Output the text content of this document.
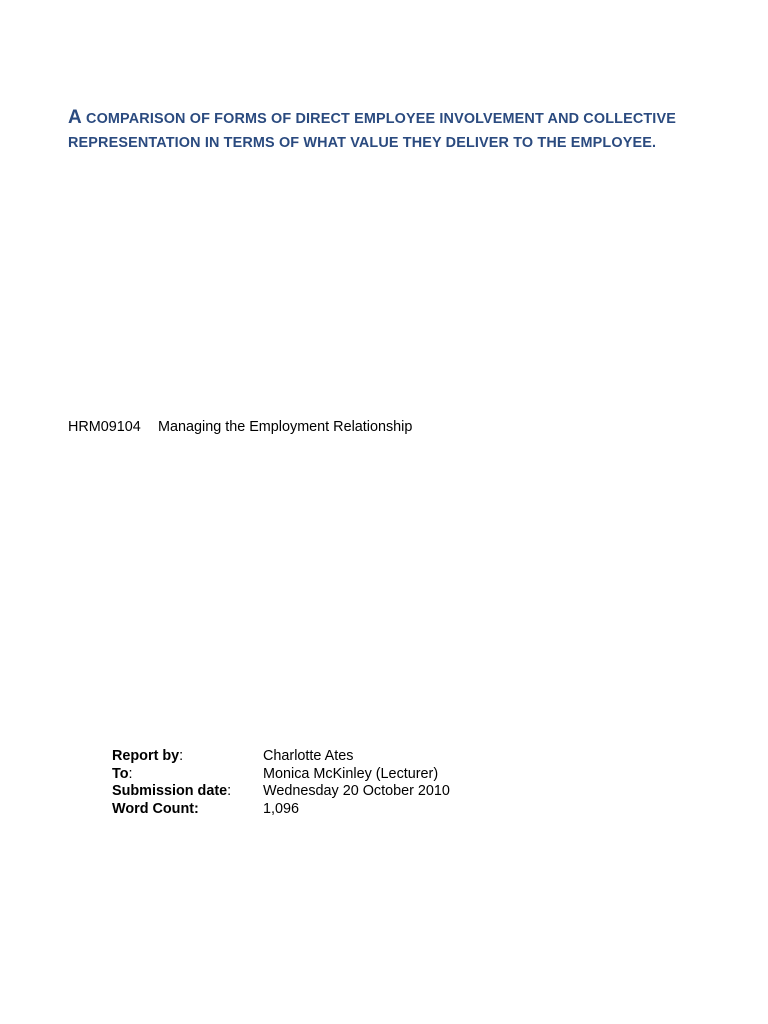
A COMPARISON OF FORMS OF DIRECT EMPLOYEE INVOLVEMENT AND COLLECTIVE REPRESENTATION IN TERMS OF WHAT VALUE THEY DELIVER TO THE EMPLOYEE.
HRM09104 Managing the Employment Relationship
Report by:	Charlotte Ates
To:	Monica McKinley (Lecturer)
Submission date:	Wednesday 20 October 2010
Word Count:	1,096
